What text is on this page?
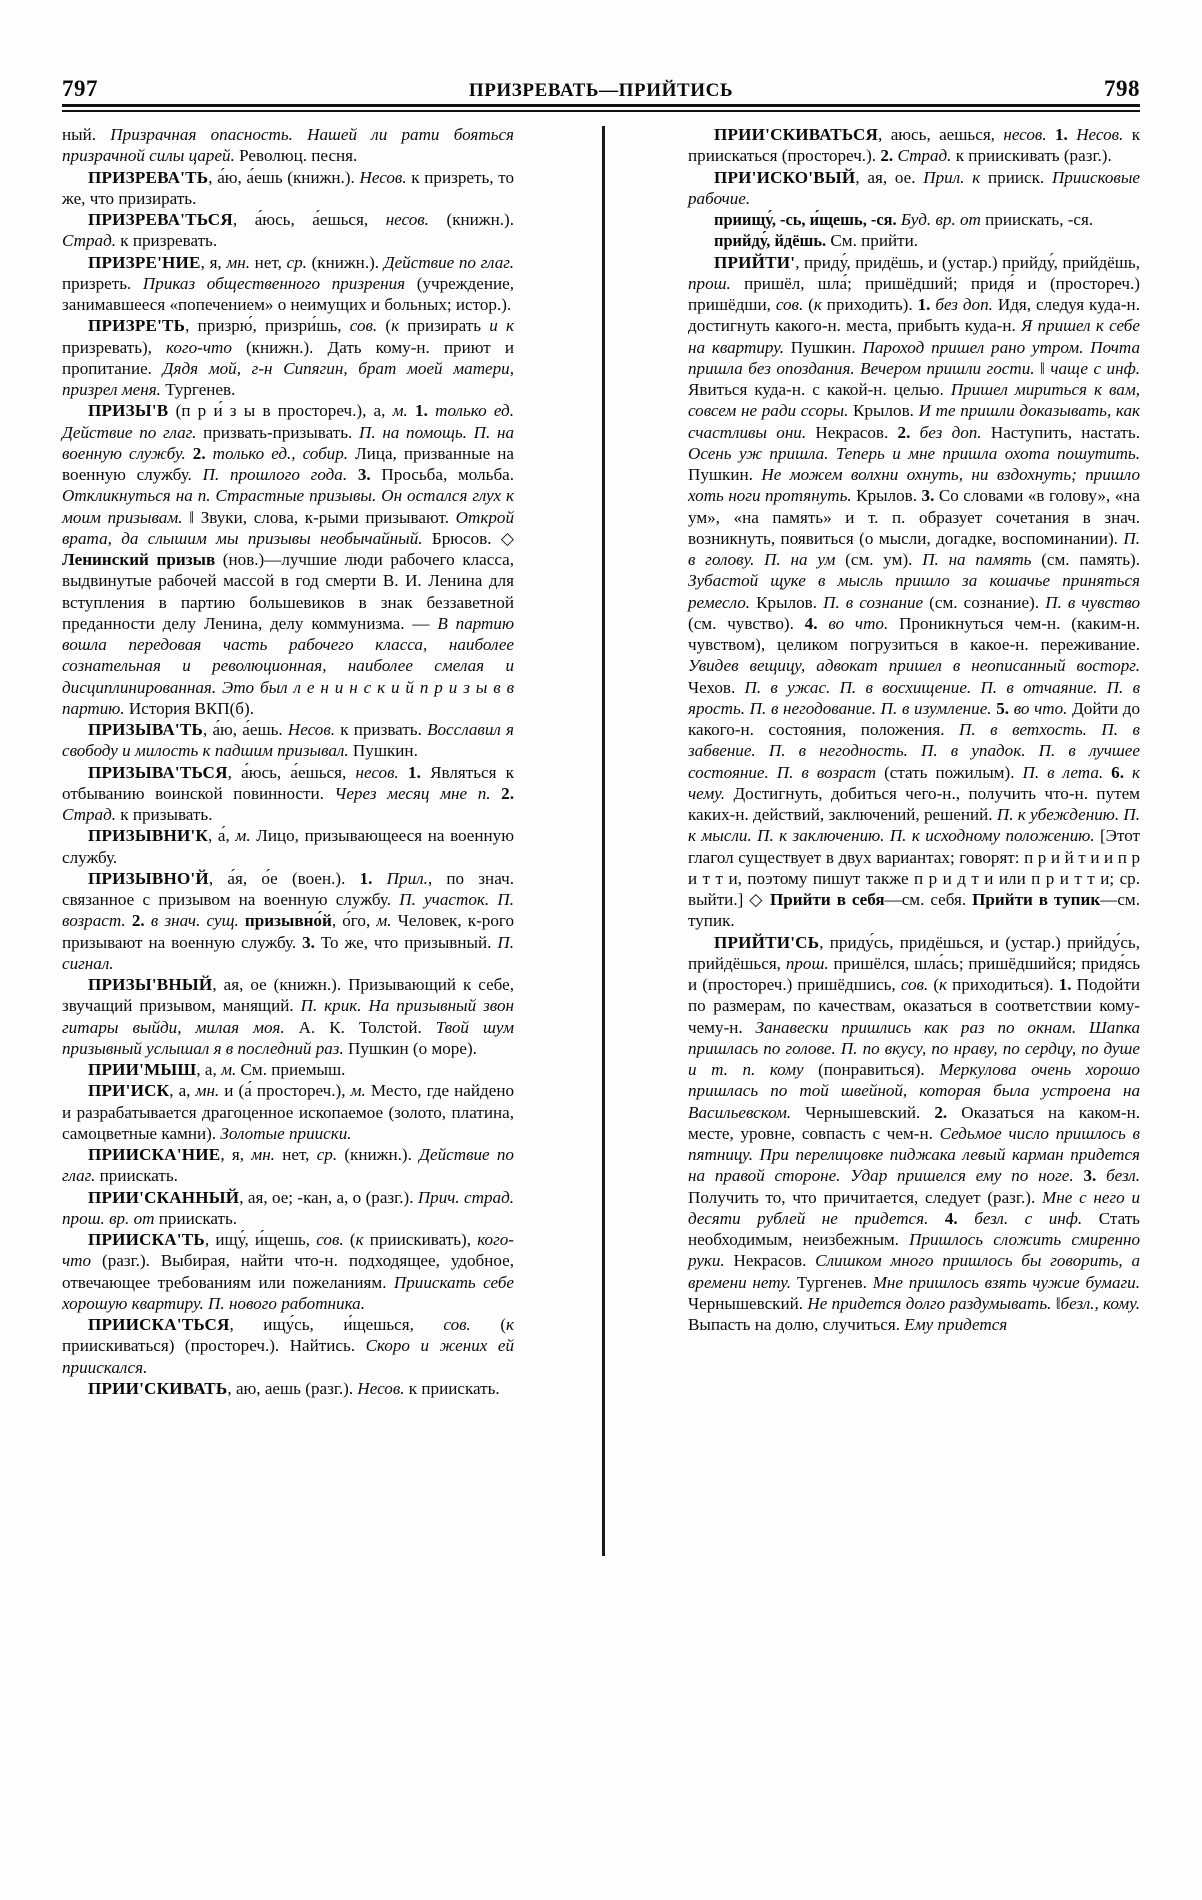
797	ПРИЗРЕВАТЬ—ПРИЙТИСЬ	798

ный. Призрачная опасность. Нашей ли рати бояться призрачной силы царей. Революц. песня.

ПРИЗРЕВА'ТЬ, а́ю, а́ешь (книжн.). Несов. к призреть, то же, что призирать.

ПРИЗРЕВА'ТЬСЯ, а́юсь, а́ешься, несов. (книжн.). Страд. к призревать.

ПРИЗРЕ'НИЕ, я, мн. нет, ср. (книжн.). Действие по глаг. призреть. Приказ общественного призрения (учреждение, занимавшееся «попечением» о неимущих и больных; истор.).

ПРИЗРЕ'ТЬ, призрю́, призри́шь, сов. (к призирать и к призревать), кого-что (книжн.). Дать кому-н. приют и пропитание. Дядя мой, г-н Сипягин, брат моей матери, призрел меня. Тургенев.

ПРИЗЫ'В (п р и́ з ы в простореч.), а, м. 1. только ед. Действие по глаг. призвать-призывать. П. на помощь. П. на военную службу. 2. только ед., собир. Лица, призванные на военную службу. П. прошлого года. 3. Просьба, мольба. Откликнуться на п. Страстные призывы. Он остался глух к моим призывам. ‖ Звуки, слова, к-рыми призывают. Открой врата, да слышим мы призывы необычайный. Брюсов. ◇ Ленинский призыв (нов.)—лучшие люди рабочего класса, выдвинутые рабочей массой в год смерти В. И. Ленина для вступления в партию большевиков в знак беззаветной преданности делу Ленина, делу коммунизма. — В партию вошла передовая часть рабочего класса, наиболее сознательная и революционная, наиболее смелая и дисциплинированная. Это был л е н и н с к и й п р и з ы в в партию. История ВКП(б).

ПРИЗЫВА'ТЬ, а́ю, а́ешь. Несов. к призвать. Восславил я свободу и милость к падшим призывал. Пушкин.

ПРИЗЫВА'ТЬСЯ, а́юсь, а́ешься, несов. 1. Являться к отбыванию воинской повинности. Через месяц мне п. 2. Страд. к призывать.

ПРИЗЫВНИ'К, а́, м. Лицо, призывающееся на военную службу.

ПРИЗЫВНО'Й, а́я, о́е (воен.). 1. Прил., по знач. связанное с призывом на военную службу. П. участок. П. возраст. 2. в знач. сущ. призывно́й, о́го, м. Человек, к-рого призывают на военную службу. 3. То же, что призывный. П. сигнал.

ПРИЗЫ'ВНЫЙ, ая, ое (книжн.). Призывающий к себе, звучащий призывом, манящий. П. крик. На призывный звон гитары выйди, милая моя. А. К. Толстой. Твой шум призывный услышал я в последний раз. Пушкин (о море).

ПРИИ'МЫШ, а, м. См. приемыш.

ПРИ'ИСК, а, мн. и (а́ простореч.), м. Место, где найдено и разрабатывается драгоценное ископаемое (золото, платина, самоцветные камни). Золотые прииски.

ПРИИСКА'НИЕ, я, мн. нет, ср. (книжн.). Действие по глаг. приискать.

ПРИИ'СКАННЫЙ, ая, ое; -кан, а, о (разг.). Прич. страд. прош. вр. от приискать.

ПРИИСКА'ТЬ, ищу́, и́щешь, сов. (к приискивать), кого-что (разг.). Выбирая, найти что-н. подходящее, удобное, отвечающее требованиям или пожеланиям. Приискать себе хорошую квартиру. П. нового работника.

ПРИИСКА'ТЬСЯ, ищу́сь, и́щешься, сов. (к приискиваться) (простореч.). Найтись. Скоро и жених ей приискался.

ПРИИ'СКИВАТЬ, аю, аешь (разг.). Несов. к приискать.

ПРИИ'СКИВАТЬСЯ, аюсь, аешься, несов. 1. Несов. к приискаться (простореч.). 2. Страд. к приискивать (разг.).

ПРИ'ИСКО'ВЫЙ, ая, ое. Прил. к прииск. Приисковые рабочие.

приищу́, -сь, и́щешь, -ся. Буд. вр. от приискать, -ся.

прийду́, йдёшь. См. прийти.

ПРИЙТИ', приду́, придёшь, и (устар.) прийду́, прийдёшь, прош. пришёл, шла́; пришёдший; придя́ и (простореч.) пришёдши, сов. (к приходить). 1. без доп. Идя, следуя куда-н. достигнуть какого-н. места, прибыть куда-н. Я пришел к себе на квартиру. Пушкин. Пароход пришел рано утром. Почта пришла без опоздания. Вечером пришли гости. ‖ чаще с инф. Явиться куда-н. с какой-н. целью. Пришел мириться к вам, совсем не ради ссоры. Крылов. И те пришли доказывать, как счастливы они. Некрасов. 2. без доп. Наступить, настать. Осень уж пришла. Теперь и мне пришла охота пошутить. Пушкин. Не можем волхни охнуть, ни вздохнуть; пришло хоть ноги протянуть. Крылов. 3. Со словами «в голову», «на ум», «на память» и т. п. образует сочетания в знач. возникнуть, появиться (о мысли, догадке, воспоминании). П. в голову. П. на ум (см. ум). П. на память (см. память). Зубастой щуке в мысль пришло за кошачье приняться ремесло. Крылов. П. в сознание (см. сознание). П. в чувство (см. чувство). 4. во что. Проникнуться чем-н. (каким-н. чувством), целиком погрузиться в какое-н. переживание. Увидев вещицу, адвокат пришел в неописанный восторг. Чехов. П. в ужас. П. в восхищение. П. в отчаяние. П. в ярость. П. в негодование. П. в изумление. 5. во что. Дойти до какого-н. состояния, положения. П. в ветхость. П. в забвение. П. в негодность. П. в упадок. П. в лучшее состояние. П. в возраст (стать пожилым). П. в лета. 6. к чему. Достигнуть, добиться чего-н., получить что-н. путем каких-н. действий, заключений, решений. П. к убеждению. П. к мысли. П. к заключению. П. к исходному положению. [Этот глагол существует в двух вариантах; говорят: п р и й т и и п р и т т и, поэтому пишут также п р и д т и или п р и т т и; ср. выйти.] ◇ Прийти в себя—см. себя. Прийти в тупик—см. тупик.

ПРИЙТИ'СЬ, приду́сь, придёшься, и (устар.) прийду́сь, прийдёшься, прош. пришёлся, шла́сь; пришёдшийся; придя́сь и (простореч.) пришёдшись, сов. (к приходиться). 1. Подойти по размерам, по качествам, оказаться в соответствии кому-чему-н. Занавески пришлись как раз по окнам. Шапка пришлась по голове. П. по вкусу, по нраву, по сердцу, по душе и т. п. кому (понравиться). Меркулова очень хорошо пришлась по той швейной, которая была устроена на Васильевском. Чернышевский. 2. Оказаться на каком-н. месте, уровне, совпасть с чем-н. Седьмое число пришлось в пятницу. При перелицовке пиджака левый карман придется на правой стороне. Удар пришелся ему по ноге. 3. безл. Получить то, что причитается, следует (разг.). Мне с него и десяти рублей не придется. 4. безл. с инф. Стать необходимым, неизбежным. Пришлось сложить смиренно руки. Некрасов. Слишком много пришлось бы говорить, а времени нету. Тургенев. Мне пришлось взять чужие бумаги. Чернышевский. Не придется долго раздумывать. ‖безл., кому. Выпасть на долю, случиться. Ему придется
